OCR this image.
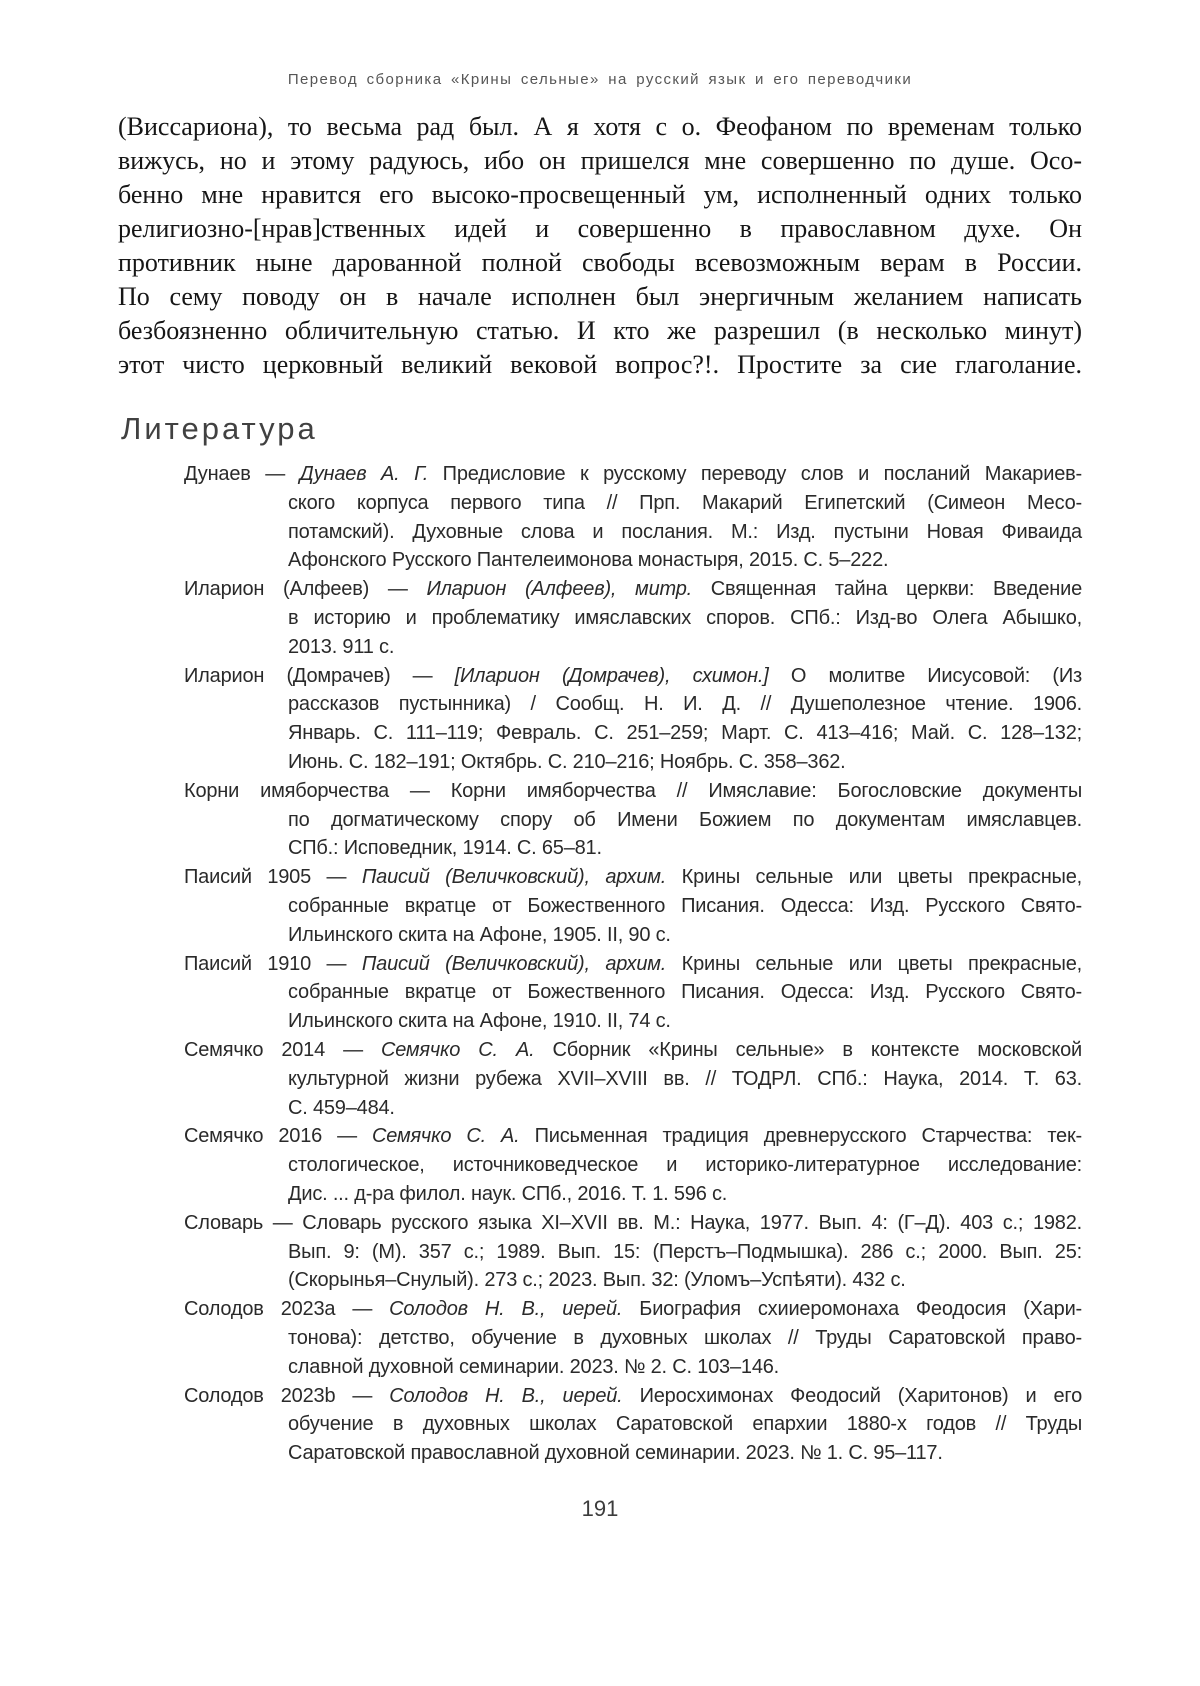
Перевод сборника «Крины сельные» на русский язык и его переводчики
(Виссариона), то весьма рад был. А я хотя с о. Феофаном по временам только
вижусь, но и этому радуюсь, ибо он пришелся мне совершенно по душе. Осо-
бенно мне нравится его высоко-просвещенный ум, исполненный одних только
религиозно-[нрав]ственных идей и совершенно в православном духе. Он
противник ныне дарованной полной свободы всевозможным верам в России.
По сему поводу он в начале исполнен был энергичным желанием написать
безбоязненно обличительную статью. И кто же разрешил (в несколько минут)
этот чисто церковный великий вековой вопрос?!. Простите за сие глаголание.
Литература
Дунаев — Дунаев А. Г. Предисловие к русскому переводу слов и посланий Макариев-
ского корпуса первого типа // Прп. Макарий Египетский (Симеон Месо-
потамский). Духовные слова и послания. М.: Изд. пустыни Новая Фиваида
Афонского Русского Пантелеимонова монастыря, 2015. С. 5–222.
Иларион (Алфеев) — Иларион (Алфеев), митр. Священная тайна церкви: Введение
в историю и проблематику имяславских споров. СПб.: Изд-во Олега Абышко,
2013. 911 с.
Иларион (Домрачев) — [Иларион (Домрачев), схимон.] О молитве Иисусовой: (Из
рассказов пустынника) / Сообщ. Н. И. Д. // Душеполезное чтение. 1906.
Январь. С. 111–119; Февраль. С. 251–259; Март. С. 413–416; Май. С. 128–132;
Июнь. С. 182–191; Октябрь. С. 210–216; Ноябрь. С. 358–362.
Корни имяборчества — Корни имяборчества // Имяславие: Богословские документы
по догматическому спору об Имени Божием по документам имяславцев.
СПб.: Исповедник, 1914. С. 65–81.
Паисий 1905 — Паисий (Величковский), архим. Крины сельные или цветы прекрасные,
собранные вкратце от Божественного Писания. Одесса: Изд. Русского Свято-
Ильинского скита на Афоне, 1905. II, 90 с.
Паисий 1910 — Паисий (Величковский), архим. Крины сельные или цветы прекрасные,
собранные вкратце от Божественного Писания. Одесса: Изд. Русского Свято-
Ильинского скита на Афоне, 1910. II, 74 с.
Семячко 2014 — Семячко С. А. Сборник «Крины сельные» в контексте московской
культурной жизни рубежа XVII–XVIII вв. // ТОДРЛ. СПб.: Наука, 2014. Т. 63.
С. 459–484.
Семячко 2016 — Семячко С. А. Письменная традиция древнерусского Старчества: тек-
стологическое, источниковедческое и историко-литературное исследование:
Дис. ... д-ра филол. наук. СПб., 2016. Т. 1. 596 с.
Словарь — Словарь русского языка XI–XVII вв. М.: Наука, 1977. Вып. 4: (Г–Д). 403 с.; 1982.
Вып. 9: (М). 357 с.; 1989. Вып. 15: (Перстъ–Подмышка). 286 с.; 2000. Вып. 25:
(Скорынья–Снулый). 273 с.; 2023. Вып. 32: (Уломъ–Успѣяти). 432 с.
Солодов 2023a — Солодов Н. В., иерей. Биография схииеромонаха Феодосия (Хари-
тонова): детство, обучение в духовных школах // Труды Саратовской право-
славной духовной семинарии. 2023. № 2. С. 103–146.
Солодов 2023b — Солодов Н. В., иерей. Иеросхимонах Феодосий (Харитонов) и его
обучение в духовных школах Саратовской епархии 1880-х годов // Труды
Саратовской православной духовной семинарии. 2023. № 1. С. 95–117.
191
